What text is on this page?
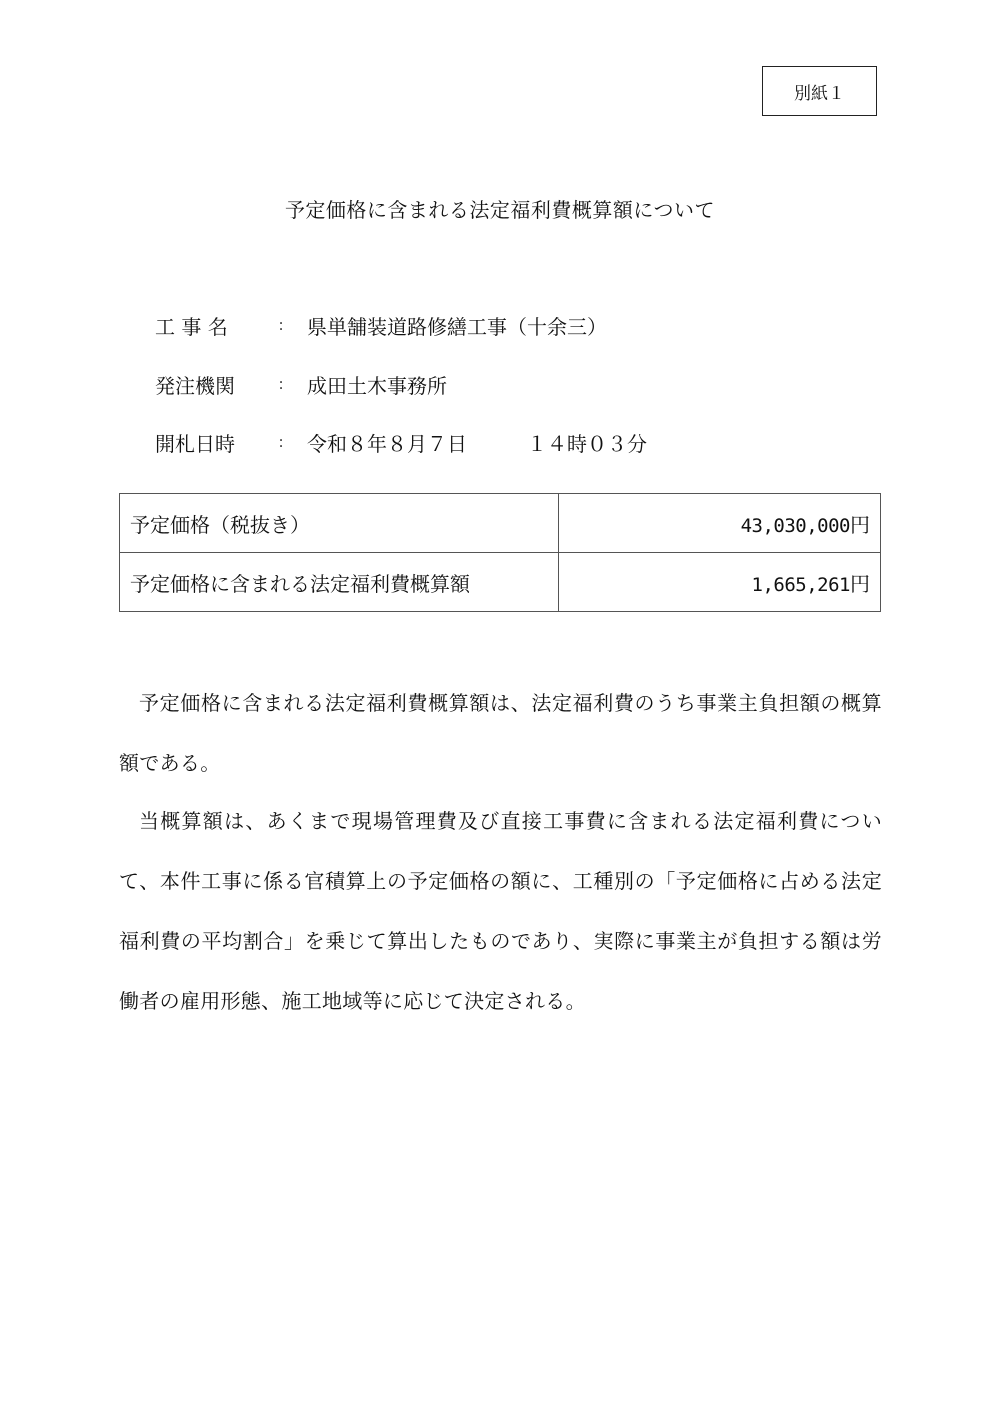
別紙１
予定価格に含まれる法定福利費概算額について
工 事 名	:	県単舗装道路修繕工事（十余三）
発注機関	:	成田土木事務所
開札日時	:	令和８年８月７日　　　１４時０３分
予定価格（税抜き）	43,030,000円
予定価格に含まれる法定福利費概算額	1,665,261円

予定価格に含まれる法定福利費概算額は、法定福利費のうち事業主負担額の概算額である。

当概算額は、あくまで現場管理費及び直接工事費に含まれる法定福利費について、本件工事に係る官積算上の予定価格の額に、工種別の「予定価格に占める法定福利費の平均割合」を乗じて算出したものであり、実際に事業主が負担する額は労働者の雇用形態、施工地域等に応じて決定される。
